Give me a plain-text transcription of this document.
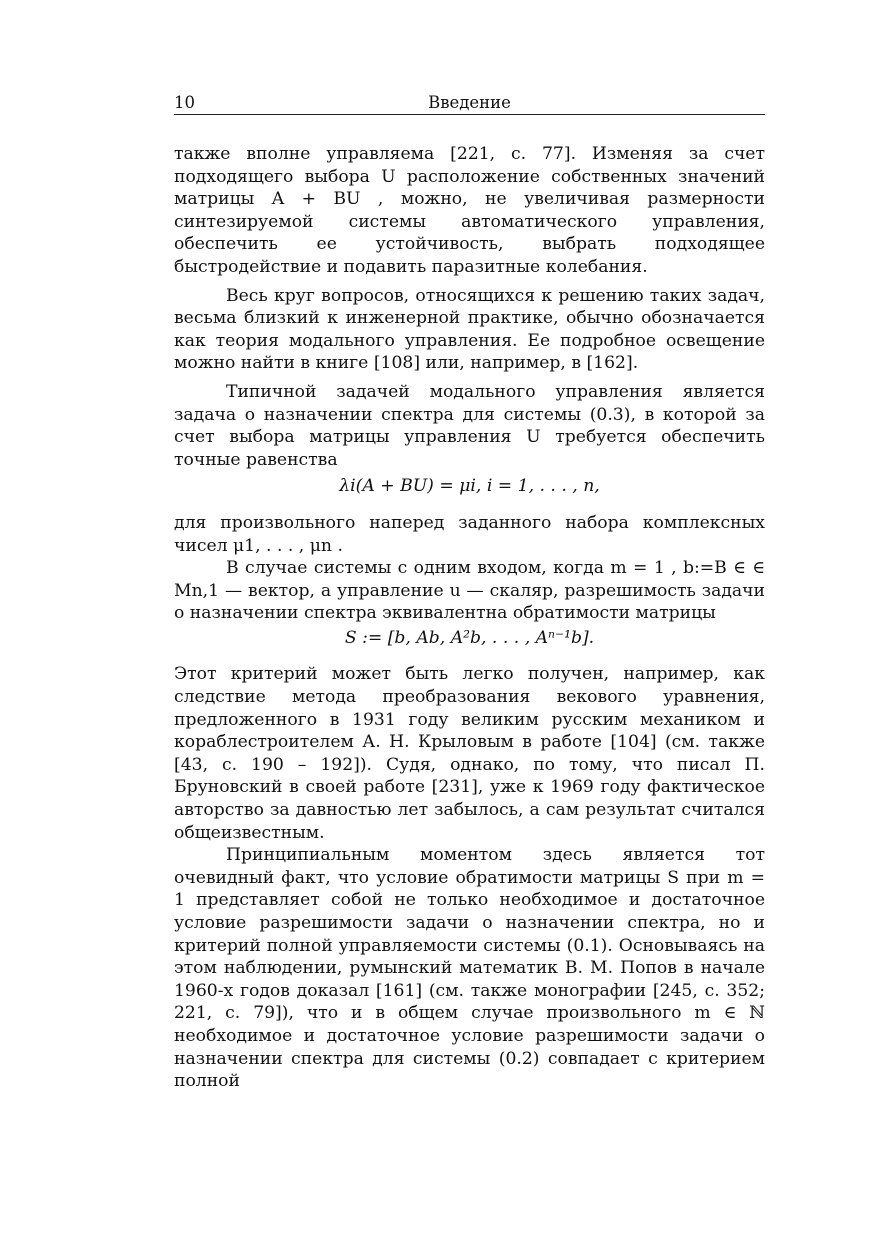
10	Введение

также вполне управляема [221, с. 77]. Изменяя за счет подходящего выбора U расположение собственных значений матрицы A + BU , можно, не увеличивая размерности синтезируемой системы автоматического управления, обеспечить ее устойчивость, выбрать подходящее быстродействие и подавить паразитные колебания.

Весь круг вопросов, относящихся к решению таких задач, весьма близкий к инженерной практике, обычно обозначается как теория модального управления. Ее подробное освещение можно найти в книге [108] или, например, в [162].

Типичной задачей модального управления является задача о назначении спектра для системы (0.3), в которой за счет выбора матрицы управления U требуется обеспечить точные равенства

λi(A + BU) = μi, i = 1, . . . , n,

для произвольного наперед заданного набора комплексных чисел μ1, . . . , μn .

В случае системы с одним входом, когда m = 1 , b:=B ∈ ∈ Mn,1 — вектор, а управление u — скаляр, разрешимость задачи о назначении спектра эквивалентна обратимости матрицы

S := [b, Ab, A²b, . . . , Aⁿ⁻¹b].

Этот критерий может быть легко получен, например, как следствие метода преобразования векового уравнения, предложенного в 1931 году великим русским механиком и кораблестроителем А. Н. Крыловым в работе [104] (см. также [43, с. 190 – 192]). Судя, однако, по тому, что писал П. Бруновский в своей работе [231], уже к 1969 году фактическое авторство за давностью лет забылось, а сам результат считался общеизвестным.

Принципиальным моментом здесь является тот очевидный факт, что условие обратимости матрицы S при m = 1 представляет собой не только необходимое и достаточное условие разрешимости задачи о назначении спектра, но и критерий полной управляемости системы (0.1). Основываясь на этом наблюдении, румынский математик В. М. Попов в начале 1960-х годов доказал [161] (см. также монографии [245, с. 352; 221, с. 79]), что и в общем случае произвольного m ∈ ℕ необходимое и достаточное условие разрешимости задачи о назначении спектра для системы (0.2) совпадает с критерием полной
